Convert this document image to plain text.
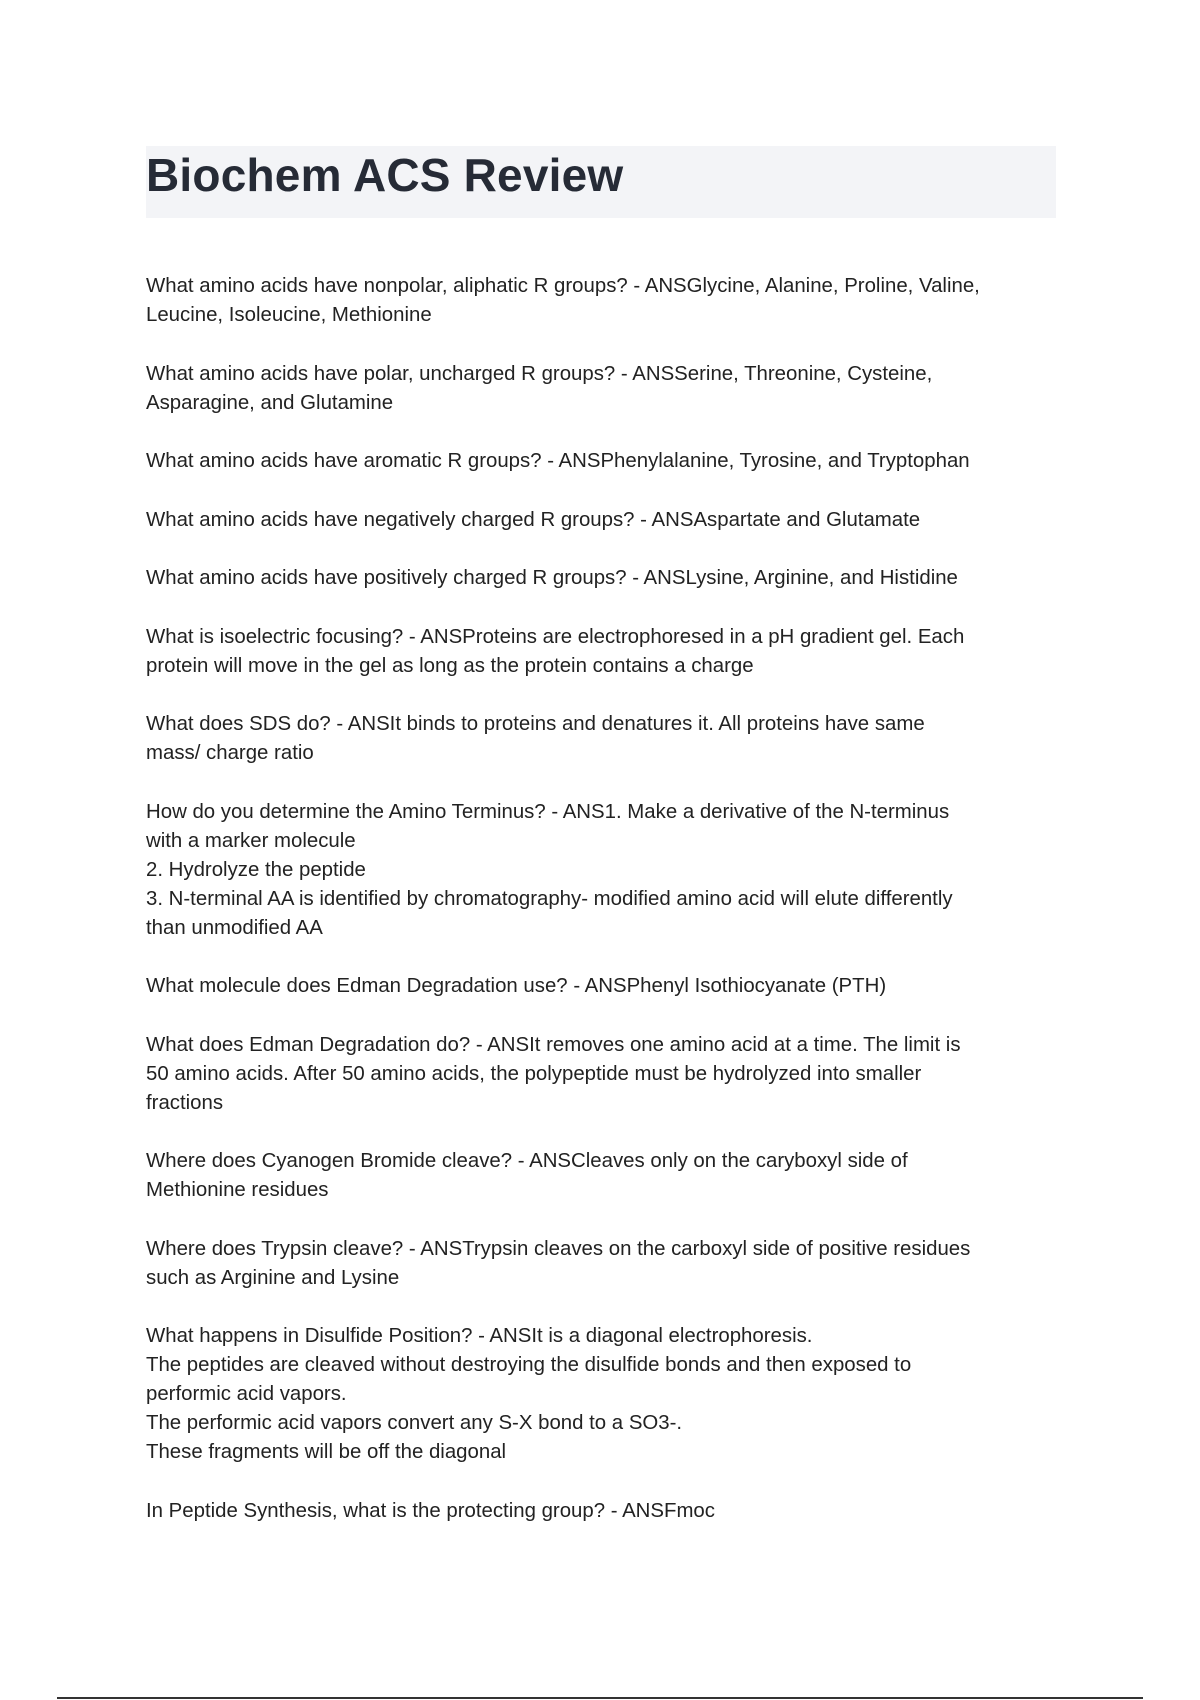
Biochem ACS Review

What amino acids have nonpolar, aliphatic R groups? - ANSGlycine, Alanine, Proline, Valine,
Leucine, Isoleucine, Methionine

What amino acids have polar, uncharged R groups? - ANSSerine, Threonine, Cysteine,
Asparagine, and Glutamine

What amino acids have aromatic R groups? - ANSPhenylalanine, Tyrosine, and Tryptophan

What amino acids have negatively charged R groups? - ANSAspartate and Glutamate

What amino acids have positively charged R groups? - ANSLysine, Arginine, and Histidine

What is isoelectric focusing? - ANSProteins are electrophoresed in a pH gradient gel. Each
protein will move in the gel as long as the protein contains a charge

What does SDS do? - ANSIt binds to proteins and denatures it. All proteins have same
mass/ charge ratio

How do you determine the Amino Terminus? - ANS1. Make a derivative of the N-terminus
with a marker molecule
2. Hydrolyze the peptide
3. N-terminal AA is identified by chromatography- modified amino acid will elute differently
than unmodified AA

What molecule does Edman Degradation use? - ANSPhenyl Isothiocyanate (PTH)

What does Edman Degradation do? - ANSIt removes one amino acid at a time. The limit is
50 amino acids. After 50 amino acids, the polypeptide must be hydrolyzed into smaller
fractions

Where does Cyanogen Bromide cleave? - ANSCleaves only on the caryboxyl side of
Methionine residues

Where does Trypsin cleave? - ANSTrypsin cleaves on the carboxyl side of positive residues
such as Arginine and Lysine

What happens in Disulfide Position? - ANSIt is a diagonal electrophoresis.
The peptides are cleaved without destroying the disulfide bonds and then exposed to
performic acid vapors.
The performic acid vapors convert any S-X bond to a SO3-.
These fragments will be off the diagonal

In Peptide Synthesis, what is the protecting group? - ANSFmoc
